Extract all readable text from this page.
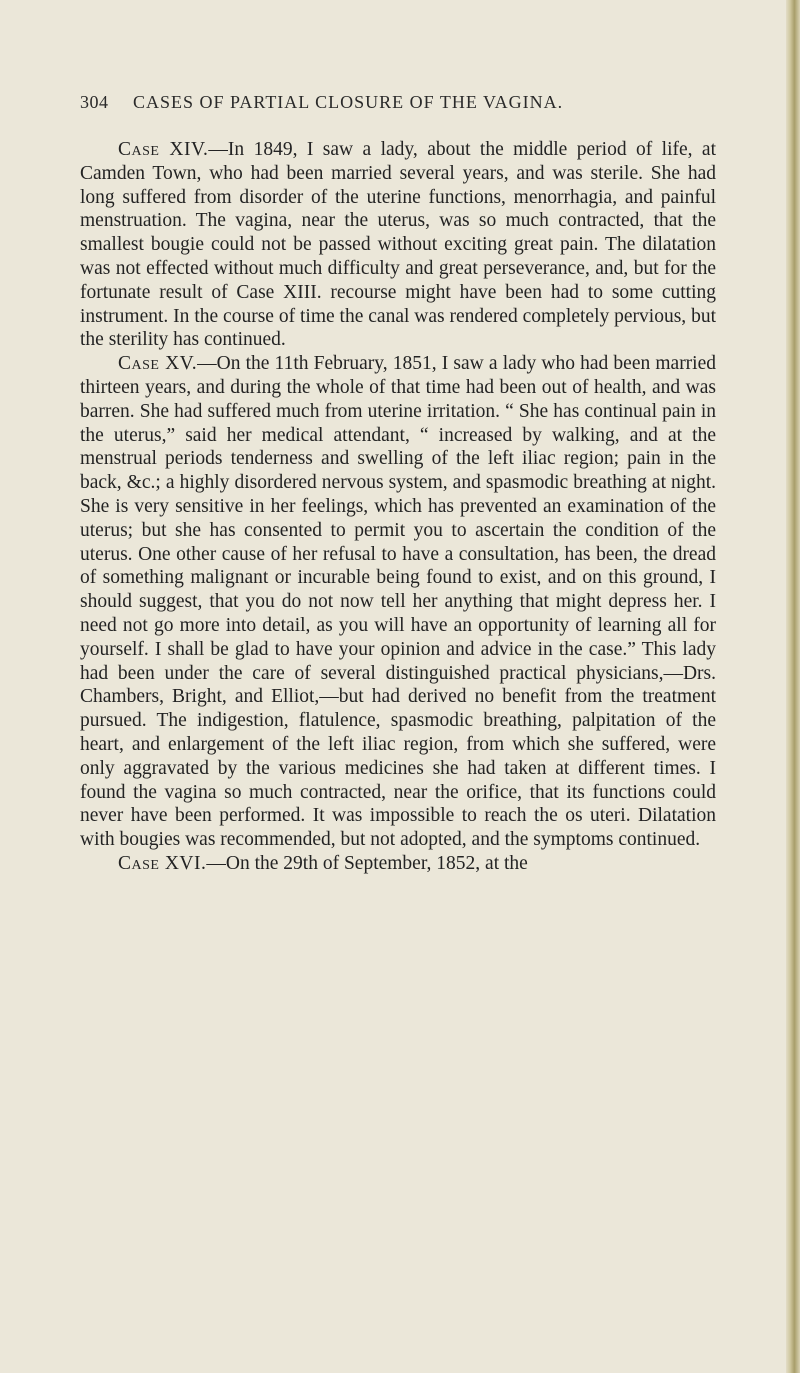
304 CASES OF PARTIAL CLOSURE OF THE VAGINA.

Case XIV.—In 1849, I saw a lady, about the middle period of life, at Camden Town, who had been married several years, and was sterile. She had long suffered from disorder of the uterine functions, menorrhagia, and painful menstruation. The vagina, near the uterus, was so much contracted, that the smallest bougie could not be passed without exciting great pain. The dilatation was not effected without much difficulty and great perseverance, and, but for the fortunate result of Case XIII. recourse might have been had to some cutting instrument. In the course of time the canal was rendered completely pervious, but the sterility has continued.

Case XV.—On the 11th February, 1851, I saw a lady who had been married thirteen years, and during the whole of that time had been out of health, and was barren. She had suffered much from uterine irritation. “ She has continual pain in the uterus,” said her medical attendant, “ increased by walking, and at the menstrual periods tenderness and swelling of the left iliac region; pain in the back, &c.; a highly disordered nervous system, and spasmodic breathing at night. She is very sensitive in her feelings, which has prevented an examination of the uterus; but she has consented to permit you to ascertain the condition of the uterus. One other cause of her refusal to have a consultation, has been, the dread of something malignant or incurable being found to exist, and on this ground, I should suggest, that you do not now tell her anything that might depress her. I need not go more into detail, as you will have an opportunity of learning all for yourself. I shall be glad to have your opinion and advice in the case.” This lady had been under the care of several distinguished practical physicians,—Drs. Chambers, Bright, and Elliot,—but had derived no benefit from the treatment pursued. The indigestion, flatulence, spasmodic breathing, palpitation of the heart, and enlargement of the left iliac region, from which she suffered, were only aggravated by the various medicines she had taken at different times. I found the vagina so much contracted, near the orifice, that its functions could never have been performed. It was impossible to reach the os uteri. Dilatation with bougies was recommended, but not adopted, and the symptoms continued.

Case XVI.—On the 29th of September, 1852, at the
